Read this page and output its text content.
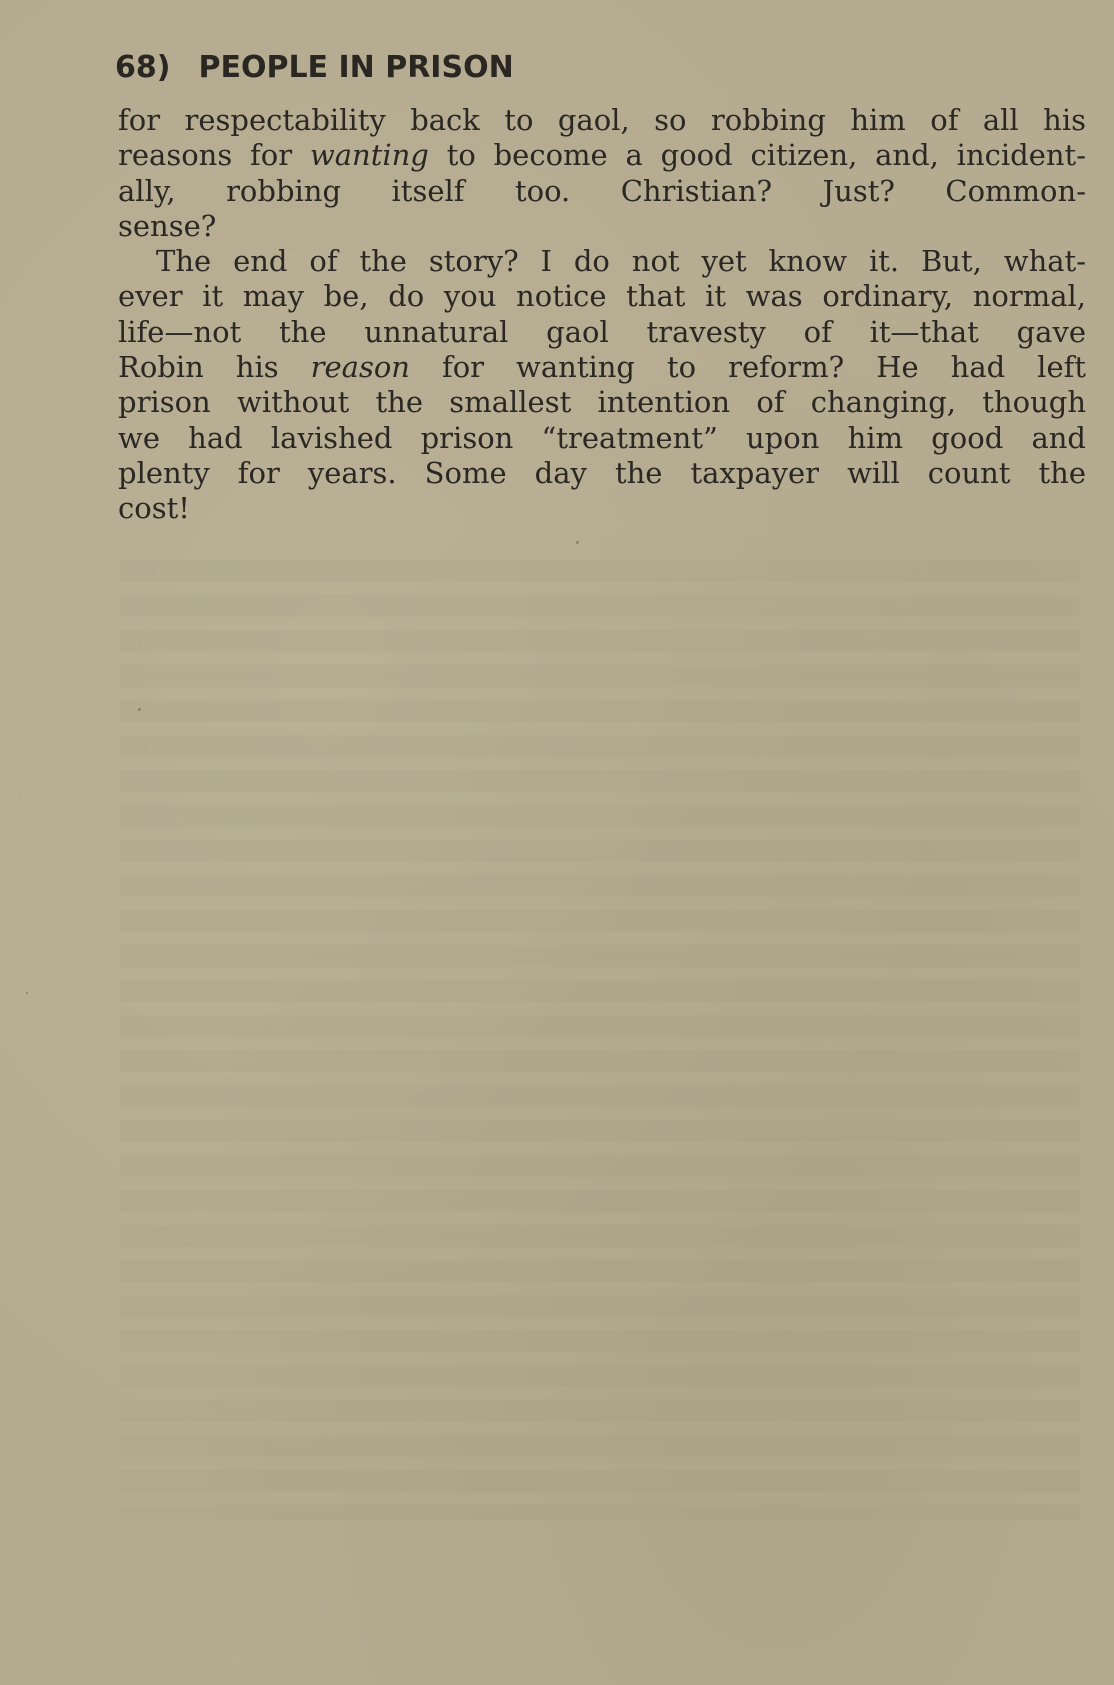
68) PEOPLE IN PRISON
for respectability back to gaol, so robbing him of all his
reasons for wanting to become a good citizen, and, incident-
ally, robbing itself too. Christian? Just? Common-
sense?
The end of the story? I do not yet know it. But, what-
ever it may be, do you notice that it was ordinary, normal,
life—not the unnatural gaol travesty of it—that gave
Robin his reason for wanting to reform? He had left
prison without the smallest intention of changing, though
we had lavished prison “treatment” upon him good and
plenty for years. Some day the taxpayer will count the
cost!
